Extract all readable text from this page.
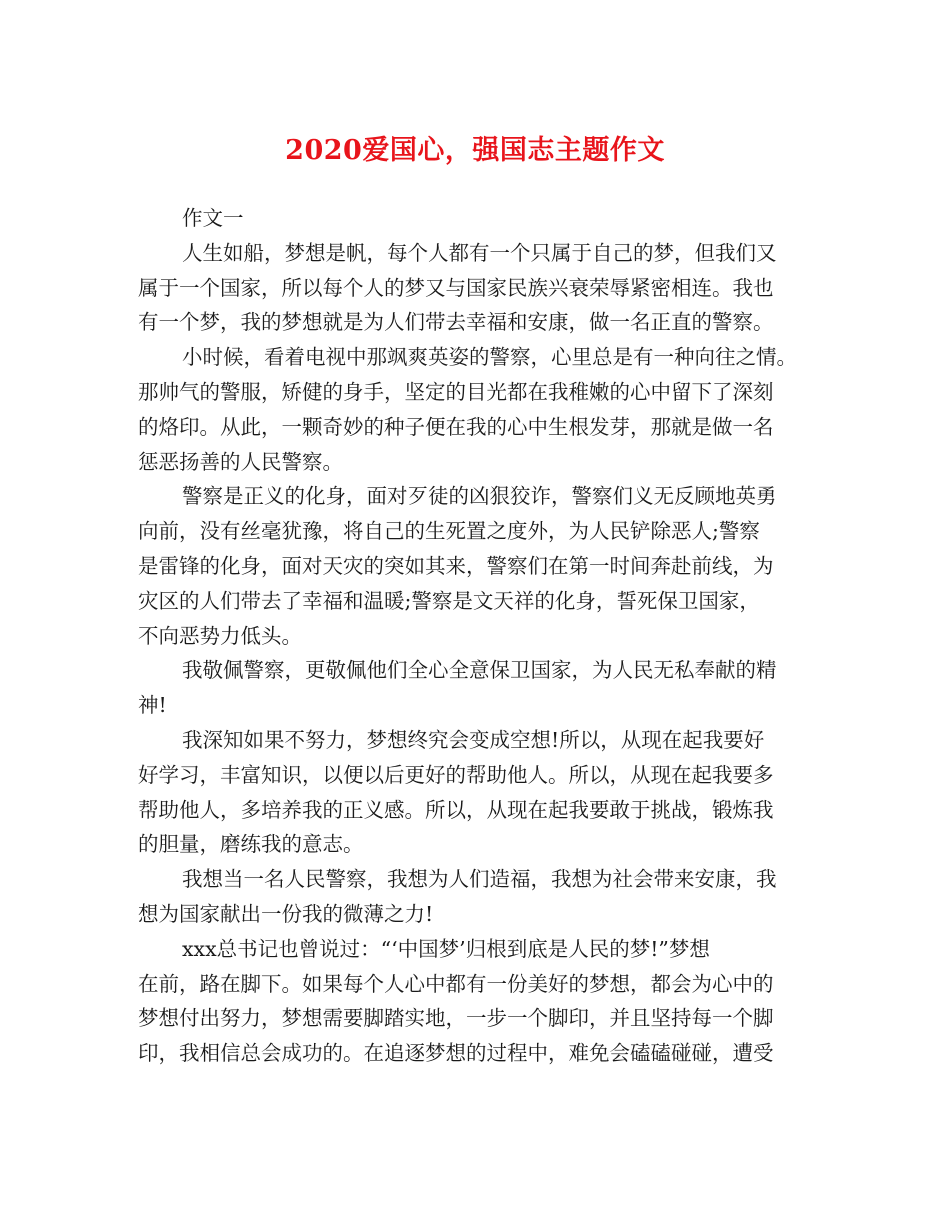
2020爱国心，强国志主题作文

作文一

人生如船，梦想是帆，每个人都有一个只属于自己的梦，但我们又

属于一个国家，所以每个人的梦又与国家民族兴衰荣辱紧密相连。我也

有一个梦，我的梦想就是为人们带去幸福和安康，做一名正直的警察。

小时候，看着电视中那飒爽英姿的警察，心里总是有一种向往之情。

那帅气的警服，矫健的身手，坚定的目光都在我稚嫩的心中留下了深刻

的烙印。从此，一颗奇妙的种子便在我的心中生根发芽，那就是做一名

惩恶扬善的人民警察。

警察是正义的化身，面对歹徒的凶狠狡诈，警察们义无反顾地英勇

向前，没有丝毫犹豫，将自己的生死置之度外，为人民铲除恶人;警察

是雷锋的化身，面对天灾的突如其来，警察们在第一时间奔赴前线，为

灾区的人们带去了幸福和温暖;警察是文天祥的化身，誓死保卫国家，

不向恶势力低头。

我敬佩警察，更敬佩他们全心全意保卫国家，为人民无私奉献的精

神!

我深知如果不努力，梦想终究会变成空想!所以，从现在起我要好

好学习，丰富知识，以便以后更好的帮助他人。所以，从现在起我要多

帮助他人，多培养我的正义感。所以，从现在起我要敢于挑战，锻炼我

的胆量，磨练我的意志。

我想当一名人民警察，我想为人们造福，我想为社会带来安康，我

想为国家献出一份我的微薄之力!

xxx总书记也曾说过：“‘中国梦’归根到底是人民的梦!”梦想

在前，路在脚下。如果每个人心中都有一份美好的梦想，都会为心中的

梦想付出努力，梦想需要脚踏实地，一步一个脚印，并且坚持每一个脚

印，我相信总会成功的。在追逐梦想的过程中，难免会磕磕碰碰，遭受
